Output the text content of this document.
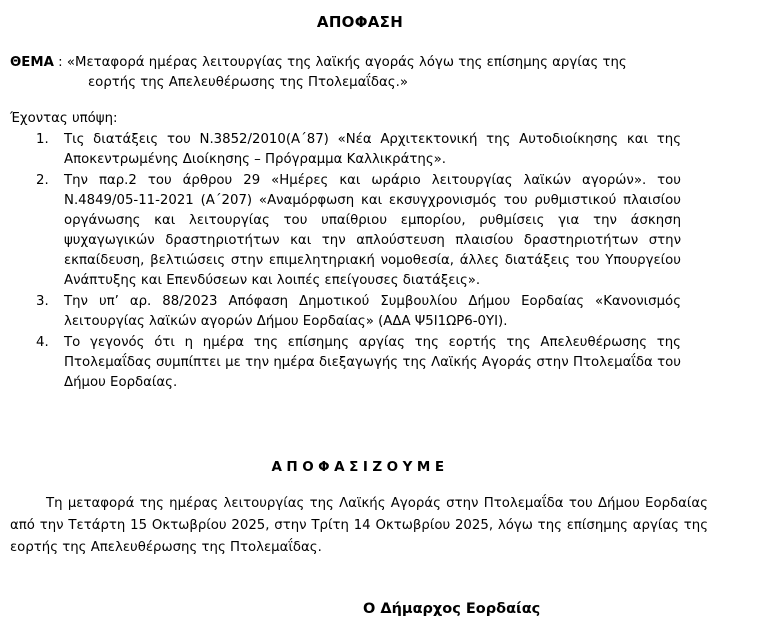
ΑΠΟΦΑΣΗ
ΘΕΜΑ : «Μεταφορά ημέρας λειτουργίας της λαϊκής αγοράς λόγω της επίσημης αργίας της
εορτής της Απελευθέρωσης της Πτολεμαΐδας.»
Έχοντας υπόψη:
1. Τις διατάξεις του Ν.3852/2010(Α΄87) «Νέα Αρχιτεκτονική της Αυτοδιοίκησης και της Αποκεντρωμένης Διοίκησης – Πρόγραμμα Καλλικράτης».
2. Την παρ.2 του άρθρου 29 «Ημέρες και ωράριο λειτουργίας λαϊκών αγορών». του Ν.4849/05-11-2021 (Α΄207) «Αναμόρφωση και εκσυγχρονισμός του ρυθμιστικού πλαισίου οργάνωσης και λειτουργίας του υπαίθριου εμπορίου, ρυθμίσεις για την άσκηση ψυχαγωγικών δραστηριοτήτων και την απλούστευση πλαισίου δραστηριοτήτων στην εκπαίδευση, βελτιώσεις στην επιμελητηριακή νομοθεσία, άλλες διατάξεις του Υπουργείου Ανάπτυξης και Επενδύσεων και λοιπές επείγουσες διατάξεις».
3. Την υπ’ αρ. 88/2023 Απόφαση Δημοτικού Συμβουλίου Δήμου Εορδαίας «Κανονισμός λειτουργίας λαϊκών αγορών Δήμου Εορδαίας» (ΑΔΑ Ψ5Ι1ΩΡ6-0ΥΙ).
4. Το γεγονός ότι η ημέρα της επίσημης αργίας της εορτής της Απελευθέρωσης της Πτολεμαΐδας συμπίπτει με την ημέρα διεξαγωγής της Λαϊκής Αγοράς στην Πτολεμαΐδα του Δήμου Εορδαίας.
ΑΠΟΦΑΣΙΖΟΥΜΕ
Τη μεταφορά της ημέρας λειτουργίας της Λαϊκής Αγοράς στην Πτολεμαΐδα του Δήμου Εορδαίας από την Τετάρτη 15 Οκτωβρίου 2025, στην Τρίτη 14 Οκτωβρίου 2025, λόγω της επίσημης αργίας της εορτής της Απελευθέρωσης της Πτολεμαΐδας.
Ο Δήμαρχος Εορδαίας
